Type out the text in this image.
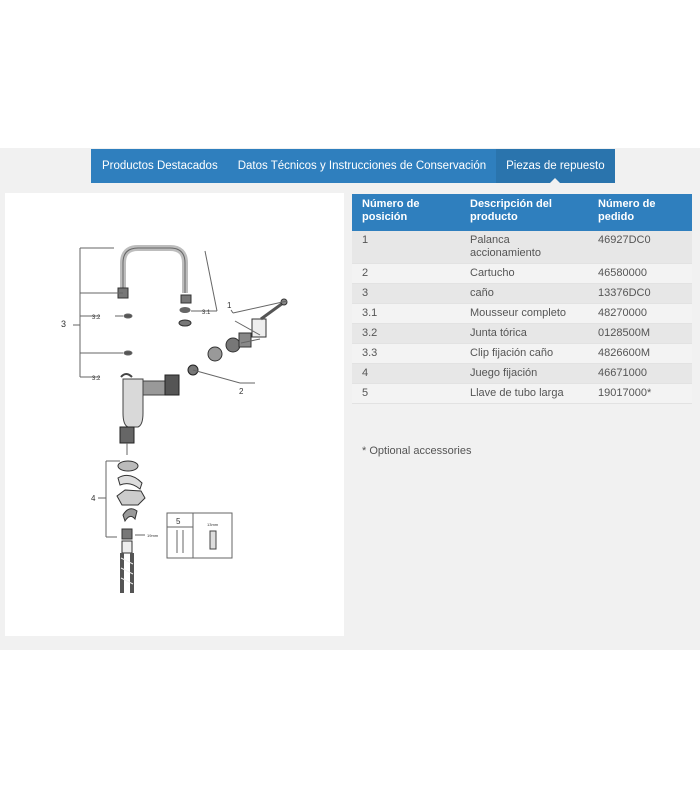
Productos Destacados	Datos Técnicos y Instrucciones de Conservación	Piezas de repuesto
3
3.2
3.2
3.1
1
2
4
5	13mm
19mm
Número de posición	Descripción del producto	Número de pedido
1	Palanca accionamiento	46927DC0
2	Cartucho	46580000
3	caño	13376DC0
3.1	Mousseur completo	48270000
3.2	Junta tórica	0128500M
3.3	Clip fijación caño	4826600M
4	Juego fijación	46671000
5	Llave de tubo larga	19017000*
* Optional accessories
